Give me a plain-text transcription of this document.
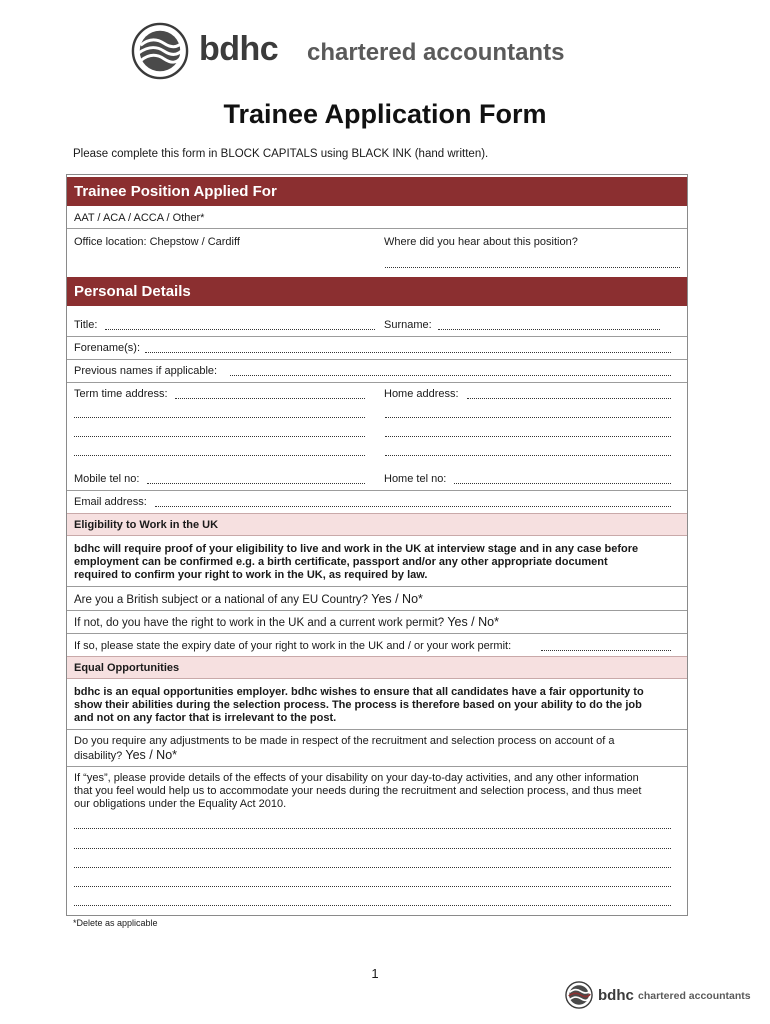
bdhc chartered accountants
Trainee Application Form
Please complete this form in BLOCK CAPITALS using BLACK INK (hand written).
Trainee Position Applied For
AAT / ACA / ACCA / Other*
Office location: Chepstow / Cardiff	Where did you hear about this position?
Personal Details
Title:	Surname:
Forename(s):
Previous names if applicable:
Term time address:	Home address:
Mobile tel no:	Home tel no:
Email address:
Eligibility to Work in the UK
bdhc will require proof of your eligibility to live and work in the UK at interview stage and in any case before
employment can be confirmed e.g. a birth certificate, passport and/or any other appropriate document
required to confirm your right to work in the UK, as required by law.
Are you a British subject or a national of any EU Country? Yes / No*
If not, do you have the right to work in the UK and a current work permit? Yes / No*
If so, please state the expiry date of your right to work in the UK and / or your work permit:
Equal Opportunities
bdhc is an equal opportunities employer. bdhc wishes to ensure that all candidates have a fair opportunity to
show their abilities during the selection process. The process is therefore based on your ability to do the job
and not on any factor that is irrelevant to the post.
Do you require any adjustments to be made in respect of the recruitment and selection process on account of a
disability? Yes / No*
If “yes”, please provide details of the effects of your disability on your day-to-day activities, and any other information
that you feel would help us to accommodate your needs during the recruitment and selection process, and thus meet
our obligations under the Equality Act 2010.
*Delete as applicable
1
bdhc chartered accountants
